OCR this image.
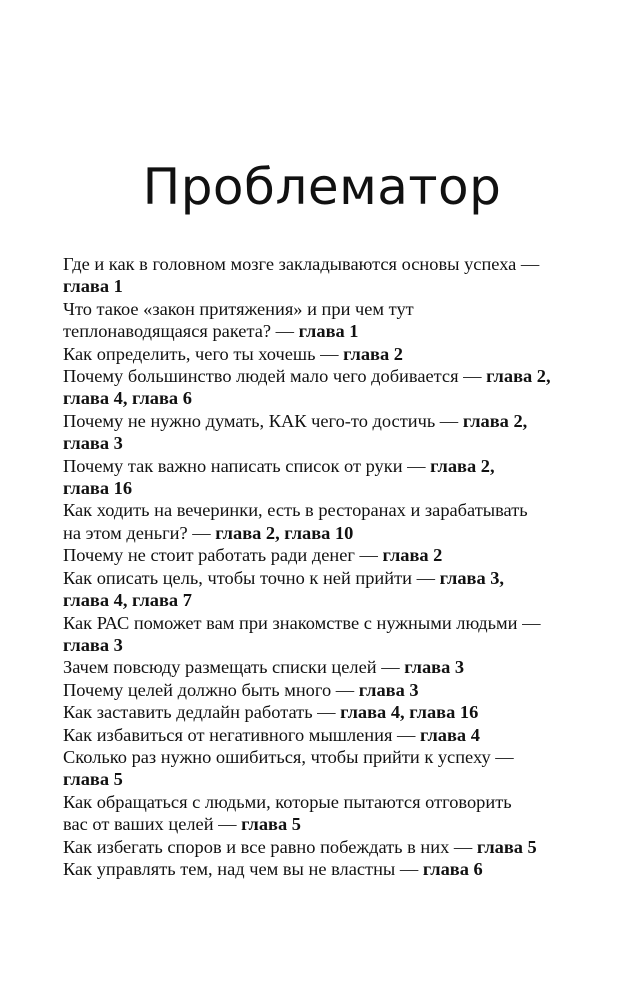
Проблематор
Где и как в головном мозге закладываются основы успеха —
глава 1
Что такое «закон притяжения» и при чем тут
теплонаводящаяся ракета? — глава 1
Как определить, чего ты хочешь — глава 2
Почему большинство людей мало чего добивается — глава 2,
глава 4, глава 6
Почему не нужно думать, КАК чего-то достичь — глава 2,
глава 3
Почему так важно написать список от руки — глава 2,
глава 16
Как ходить на вечеринки, есть в ресторанах и зарабатывать
на этом деньги? — глава 2, глава 10
Почему не стоит работать ради денег — глава 2
Как описать цель, чтобы точно к ней прийти — глава 3,
глава 4, глава 7
Как РАС поможет вам при знакомстве с нужными людьми —
глава 3
Зачем повсюду размещать списки целей — глава 3
Почему целей должно быть много — глава 3
Как заставить дедлайн работать — глава 4, глава 16
Как избавиться от негативного мышления — глава 4
Сколько раз нужно ошибиться, чтобы прийти к успеху —
глава 5
Как обращаться с людьми, которые пытаются отговорить
вас от ваших целей — глава 5
Как избегать споров и все равно побеждать в них — глава 5
Как управлять тем, над чем вы не властны — глава 6
